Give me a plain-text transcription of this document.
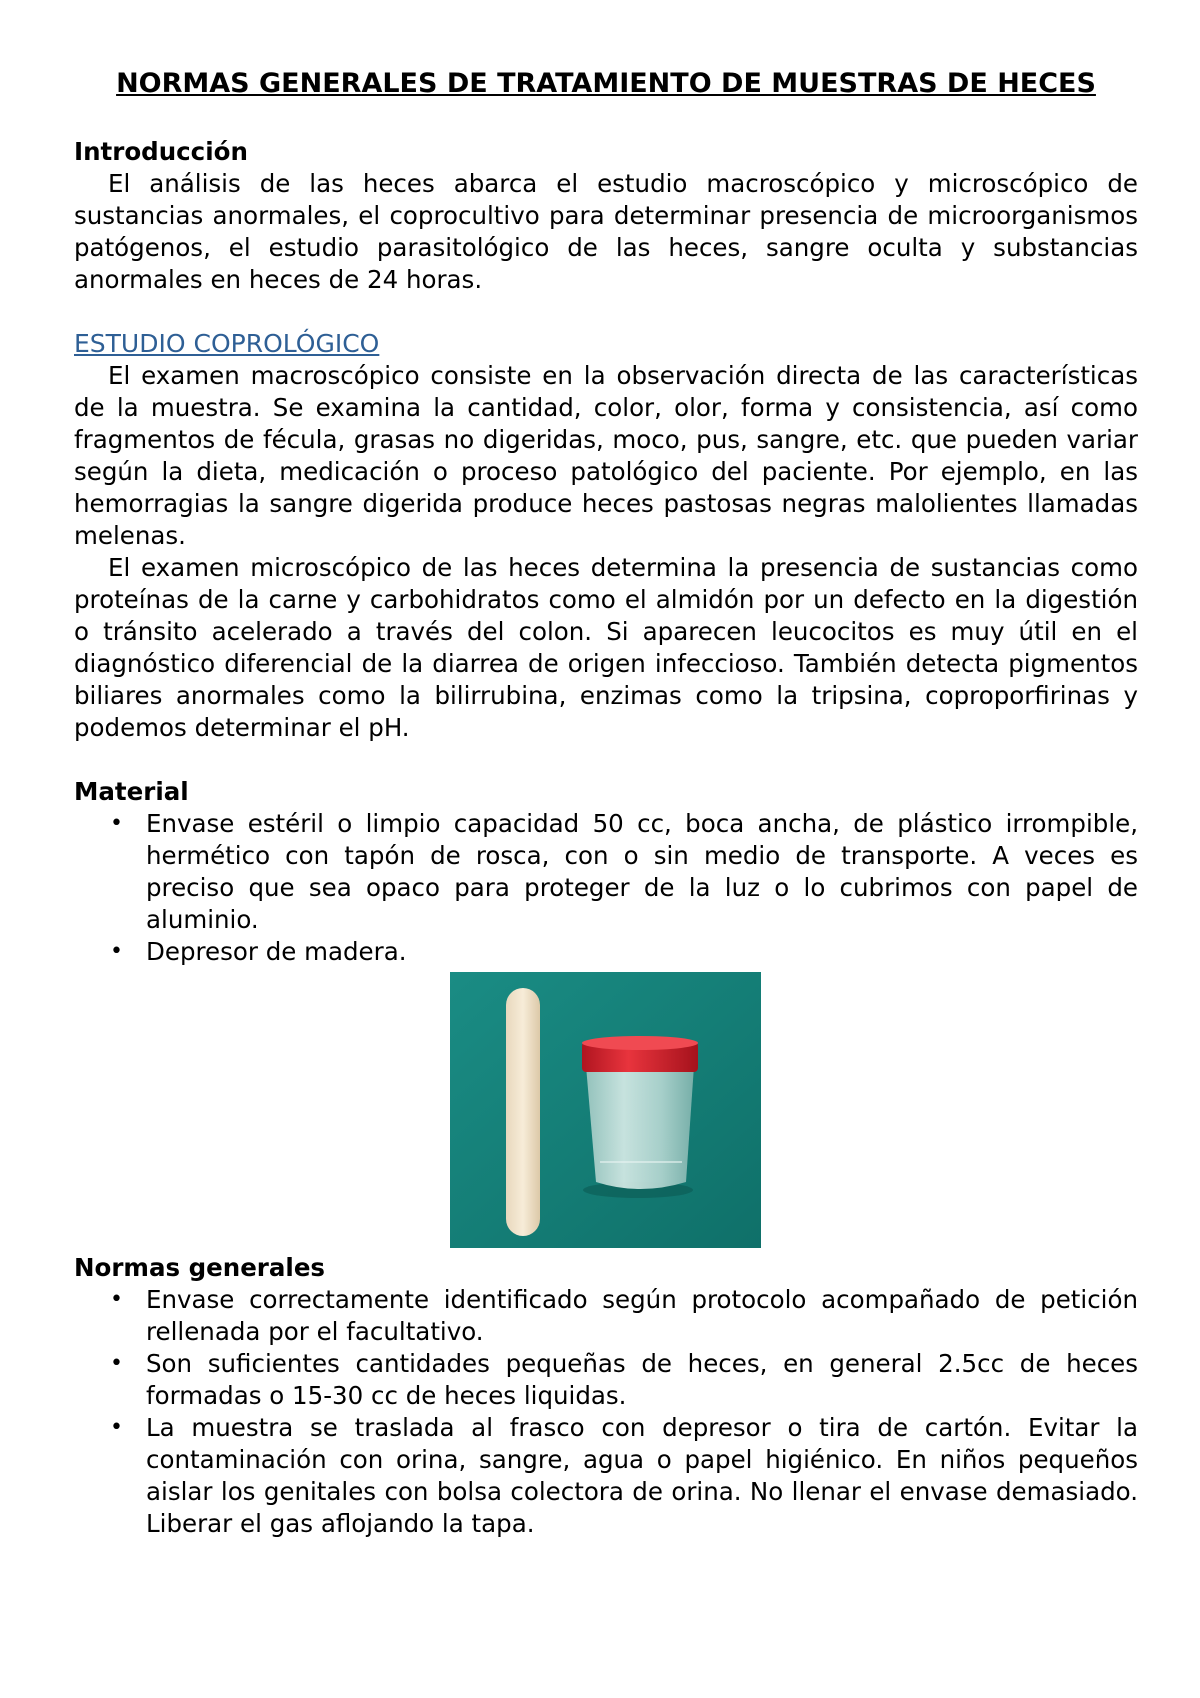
NORMAS GENERALES DE TRATAMIENTO DE MUESTRAS DE HECES
Introducción

El análisis de las heces abarca el estudio macroscópico y microscópico de sustancias anormales, el coprocultivo para determinar presencia de microorganismos patógenos, el estudio parasitológico de las heces, sangre oculta y substancias anormales en heces de 24 horas.

ESTUDIO COPROLÓGICO

El examen macroscópico consiste en la observación directa de las características de la muestra. Se examina la cantidad, color, olor, forma y consistencia, así como fragmentos de fécula, grasas no digeridas, moco, pus, sangre, etc. que pueden variar según la dieta, medicación o proceso patológico del paciente. Por ejemplo, en las hemorragias la sangre digerida produce heces pastosas negras malolientes llamadas melenas.

El examen microscópico de las heces determina la presencia de sustancias como proteínas de la carne y carbohidratos como el almidón por un defecto en la digestión o tránsito acelerado a través del colon. Si aparecen leucocitos es muy útil en el diagnóstico diferencial de la diarrea de origen infeccioso. También detecta pigmentos biliares anormales como la bilirrubina, enzimas como la tripsina, coproporfirinas y podemos determinar el pH.

Material
• Envase estéril o limpio capacidad 50 cc, boca ancha, de plástico irrompible, hermético con tapón de rosca, con o sin medio de transporte. A veces es preciso que sea opaco para proteger de la luz o lo cubrimos con papel de aluminio.
• Depresor de madera.
Normas generales
• Envase correctamente identificado según protocolo acompañado de petición rellenada por el facultativo.
• Son suficientes cantidades pequeñas de heces, en general 2.5cc de heces formadas o 15-30 cc de heces liquidas.
• La muestra se traslada al frasco con depresor o tira de cartón. Evitar la contaminación con orina, sangre, agua o papel higiénico. En niños pequeños aislar los genitales con bolsa colectora de orina. No llenar el envase demasiado. Liberar el gas aflojando la tapa.
